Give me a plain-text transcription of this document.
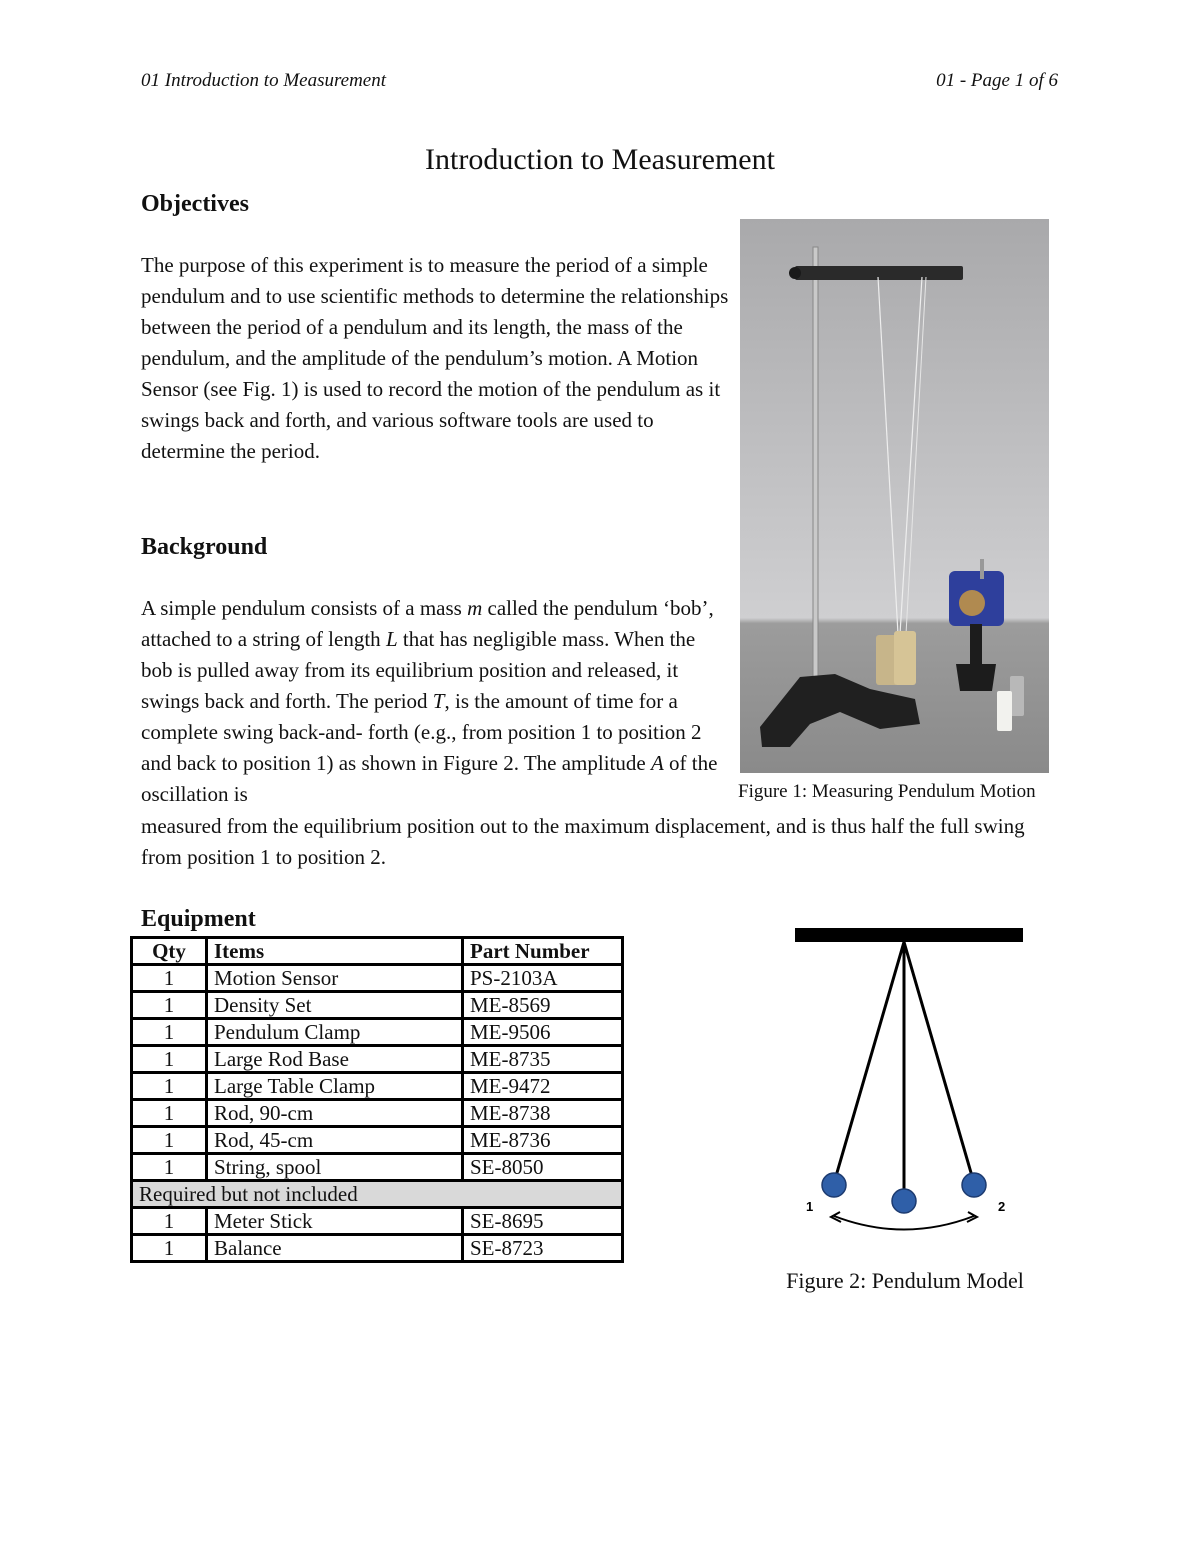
01 Introduction to Measurement	01 - Page 1 of 6
Introduction to Measurement
Objectives

The purpose of this experiment is to measure the period of a simple pendulum and to use scientific methods to determine the relationships between the period of a pendulum and its length, the mass of the pendulum, and the amplitude of the pendulum’s motion. A Motion Sensor (see Fig. 1) is used to record the motion of the pendulum as it swings back and forth, and various software tools are used to determine the period.

Background

A simple pendulum consists of a mass m called the pendulum ‘bob’, attached to a string of length L that has negligible mass. When the bob is pulled away from its equilibrium position and released, it swings back and forth. The period T, is the amount of time for a complete swing back-and- forth (e.g., from position 1 to position 2 and back to position 1) as shown in Figure 2. The amplitude A of the oscillation is

measured from the equilibrium position out to the maximum displacement, and is thus half the full swing from position 1 to position 2.

Figure 1: Measuring Pendulum Motion
Equipment
Qty	Items	Part Number
1	Motion Sensor	PS-2103A
1	Density Set	ME-8569
1	Pendulum Clamp	ME-9506
1	Large Rod Base	ME-8735
1	Large Table Clamp	ME-9472
1	Rod, 90-cm	ME-8738
1	Rod, 45-cm	ME-8736
1	String, spool	SE-8050
Required but not included		
1	Meter Stick	SE-8695
1	Balance	SE-8723
1	2
Figure 2: Pendulum Model
